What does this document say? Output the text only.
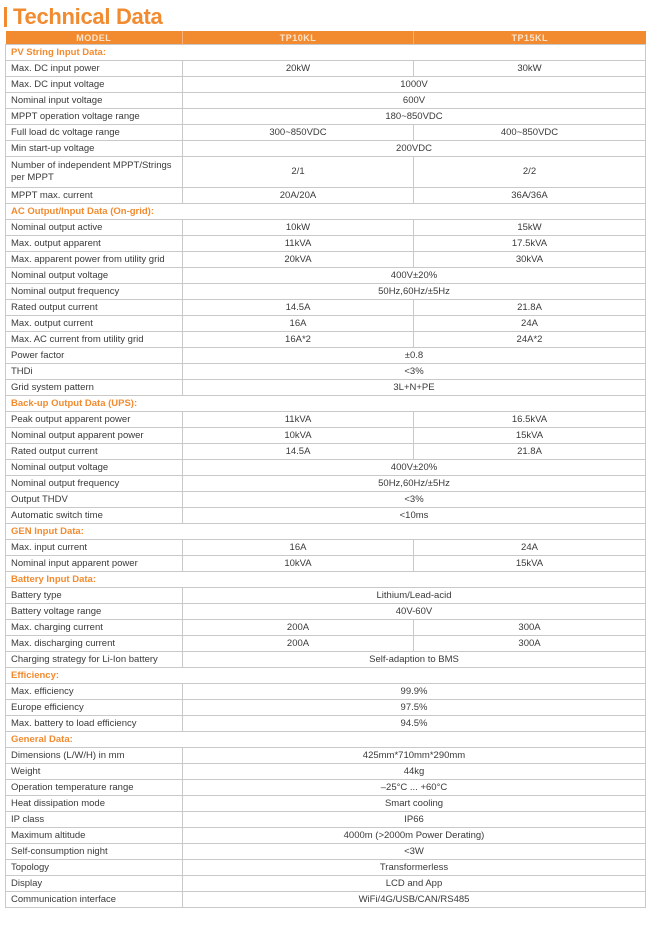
Technical Data
MODEL	TP10KL	TP15KL
PV String Input Data:		
Max. DC input power	20kW	30kW
Max. DC input voltage	1000V	
Nominal input voltage	600V	
MPPT operation voltage range	180~850VDC	
Full load dc voltage range	300~850VDC	400~850VDC
Min start-up voltage	200VDC	
Number of independent MPPT/Strings per MPPT	2/1	2/2
MPPT max. current	20A/20A	36A/36A
AC Output/Input Data (On-grid):		
Nominal output active	10kW	15kW
Max. output apparent	11kVA	17.5kVA
Max. apparent power from utility grid	20kVA	30kVA
Nominal output voltage	400V±20%	
Nominal output frequency	50Hz,60Hz/±5Hz	
Rated output current	14.5A	21.8A
Max. output current	16A	24A
Max. AC current from utility grid	16A*2	24A*2
Power factor	±0.8	
THDi	<3%	
Grid system pattern	3L+N+PE	
Back-up Output Data (UPS):		
Peak output apparent power	11kVA	16.5kVA
Nominal output apparent power	10kVA	15kVA
Rated output current	14.5A	21.8A
Nominal output voltage	400V±20%	
Nominal output frequency	50Hz,60Hz/±5Hz	
Output THDV	<3%	
Automatic switch time	<10ms	
GEN Input Data:		
Max. input current	16A	24A
Nominal input apparent power	10kVA	15kVA
Battery Input Data:		
Battery type	Lithium/Lead-acid	
Battery voltage range	40V-60V	
Max. charging current	200A	300A
Max. discharging current	200A	300A
Charging strategy for Li-Ion battery	Self-adaption to BMS	
Efficiency:		
Max. efficiency	99.9%	
Europe efficiency	97.5%	
Max. battery to load efficiency	94.5%	
General Data:		
Dimensions (L/W/H) in mm	425mm*710mm*290mm	
Weight	44kg	
Operation temperature range	–25°C ... +60°C	
Heat dissipation mode	Smart cooling	
IP class	IP66	
Maximum altitude	4000m (>2000m Power Derating)	
Self-consumption night	<3W	
Topology	Transformerless	
Display	LCD and App	
Communication interface	WiFi/4G/USB/CAN/RS485	
